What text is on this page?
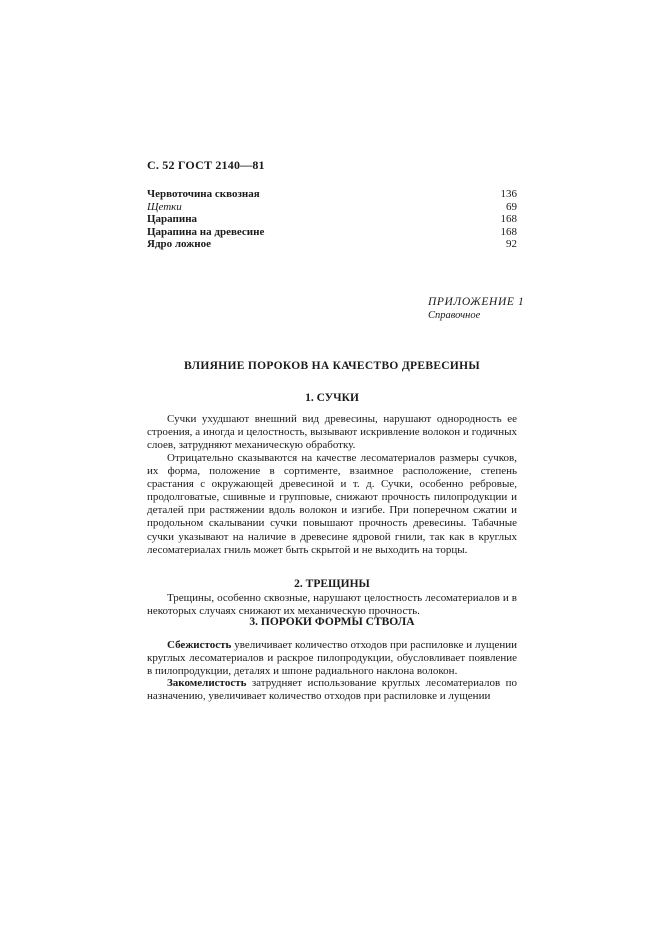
С. 52 ГОСТ 2140—81
Червоточина сквозная	136
Щетки	69
Царапина	168
Царапина на древесине	168
Ядро ложное	92
ПРИЛОЖЕНИЕ 1
Справочное
ВЛИЯНИЕ ПОРОКОВ НА КАЧЕСТВО ДРЕВЕСИНЫ
1. СУЧКИ

Сучки ухудшают внешний вид древесины, нарушают однородность ее строения, а иногда и целостность, вызывают искривление волокон и годичных слоев, затрудняют механическую обработку.

Отрицательно сказываются на качестве лесоматериалов размеры сучков, их форма, положение в сортименте, взаимное расположение, степень срастания с окружающей древесиной и т. д. Сучки, особенно ребровые, продолговатые, сшивные и групповые, снижают прочность пилопродукции и деталей при растяжении вдоль волокон и изгибе. При поперечном сжатии и продольном скалывании сучки повышают прочность древесины. Табачные сучки указывают на наличие в древесине ядровой гнили, так как в круглых лесоматериалах гниль может быть скрытой и не выходить на торцы.

2. ТРЕЩИНЫ

Трещины, особенно сквозные, нарушают целостность лесоматериалов и в некоторых случаях снижают их механическую прочность.

3. ПОРОКИ ФОРМЫ СТВОЛА

Сбежистость увеличивает количество отходов при распиловке и лущении круглых лесоматериалов и раскрое пилопродукции, обусловливает появление в пилопродукции, деталях и шпоне радиального наклона волокон.

Закомелистость затрудняет использование круглых лесоматериалов по назначению, увеличивает количество отходов при распиловке и лущении
